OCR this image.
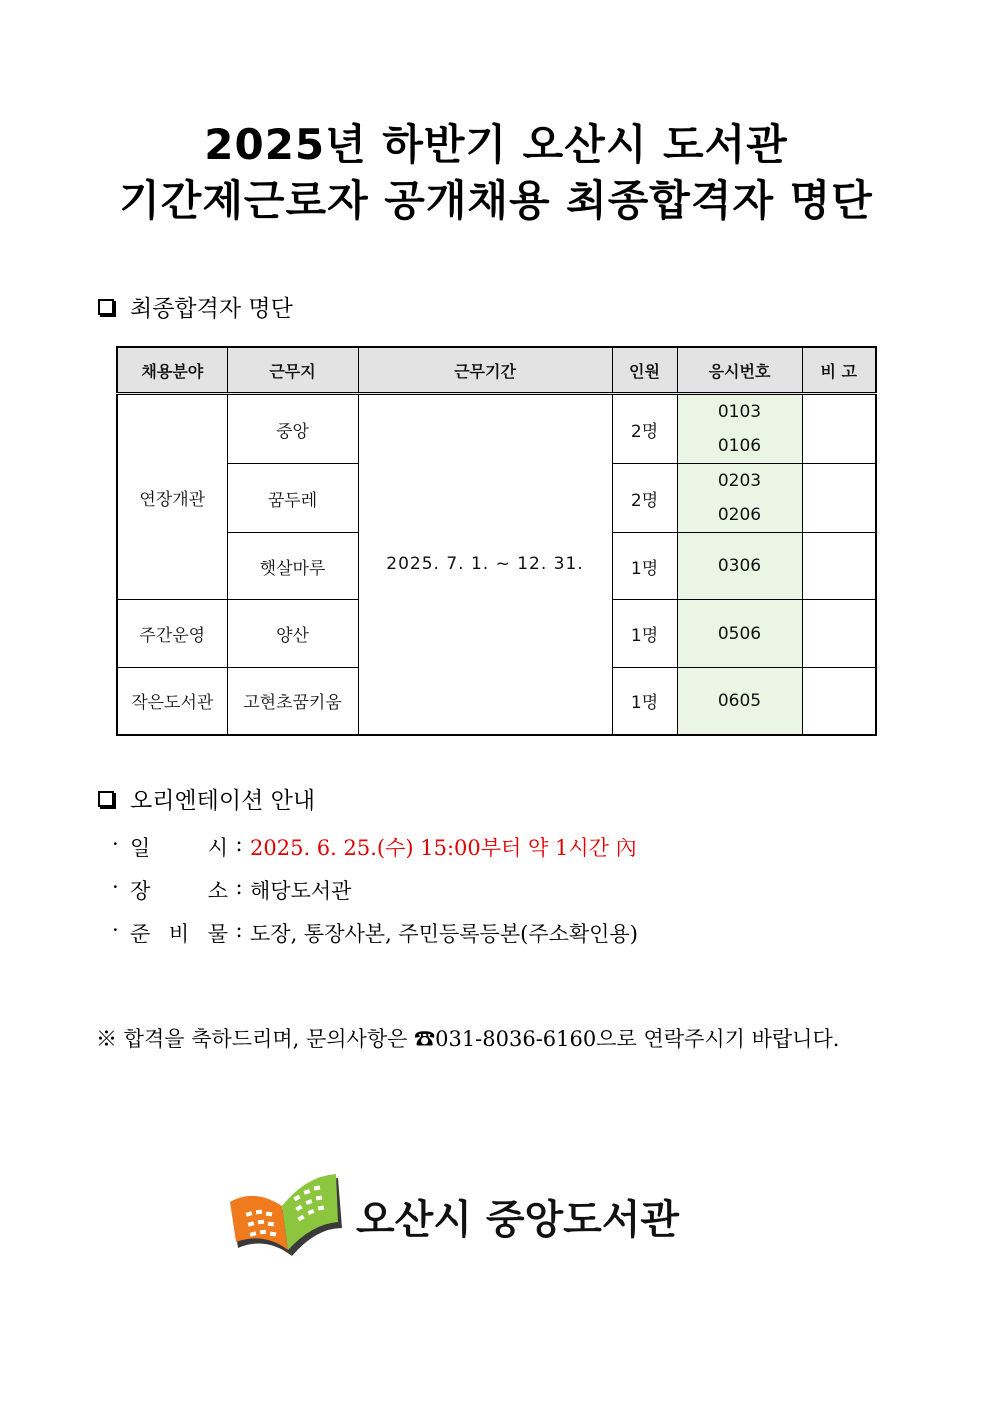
2025년 하반기 오산시 도서관
기간제근로자 공개채용 최종합격자 명단
최종합격자 명단
채용분야	근무지	근무기간	인원	응시번호	비 고
연장개관	중앙	2025. 7. 1. ~ 12. 31.	2명	0103
0106	

	꿈두레		2명	0203
0206	

	햇살마루		1명	0306	

주간운영	양산		1명	0506	

작은도서관	고현초꿈키움		1명	0605	

오리엔테이션 안내
· 일	시 : 2025. 6. 25.(수) 15:00부터 약 1시간 內
· 장	소 : 해당도서관
· 준 비 물 : 도장, 통장사본, 주민등록등본(주소확인용)
※ 합격을 축하드리며, 문의사항은 ☎031-8036-6160으로 연락주시기 바랍니다.
오산시 중앙도서관
